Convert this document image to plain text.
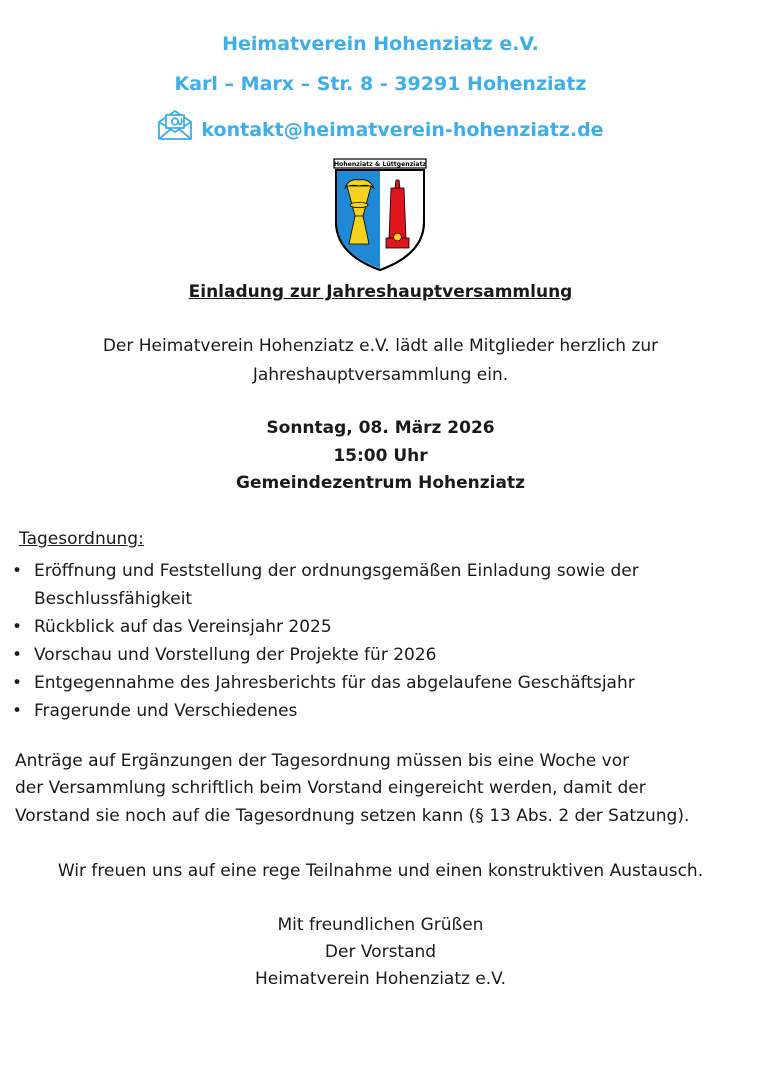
Heimatverein Hohenziatz e.V.
Karl – Marx – Str. 8 - 39291 Hohenziatz
kontakt@heimatverein-hohenziatz.de
Hohenziatz & Lüttgenziatz
Einladung zur Jahreshauptversammlung
Der Heimatverein Hohenziatz e.V. lädt alle Mitglieder herzlich zur
Jahreshauptversammlung ein.
Sonntag, 08. März 2026
15:00 Uhr
Gemeindezentrum Hohenziatz
Tagesordnung:
• Eröffnung und Feststellung der ordnungsgemäßen Einladung sowie der Beschlussfähigkeit
• Rückblick auf das Vereinsjahr 2025
• Vorschau und Vorstellung der Projekte für 2026
• Entgegennahme des Jahresberichts für das abgelaufene Geschäftsjahr
• Fragerunde und Verschiedenes
Anträge auf Ergänzungen der Tagesordnung müssen bis eine Woche vor
der Versammlung schriftlich beim Vorstand eingereicht werden, damit der
Vorstand sie noch auf die Tagesordnung setzen kann (§ 13 Abs. 2 der Satzung).
Wir freuen uns auf eine rege Teilnahme und einen konstruktiven Austausch.
Mit freundlichen Grüßen
Der Vorstand
Heimatverein Hohenziatz e.V.
